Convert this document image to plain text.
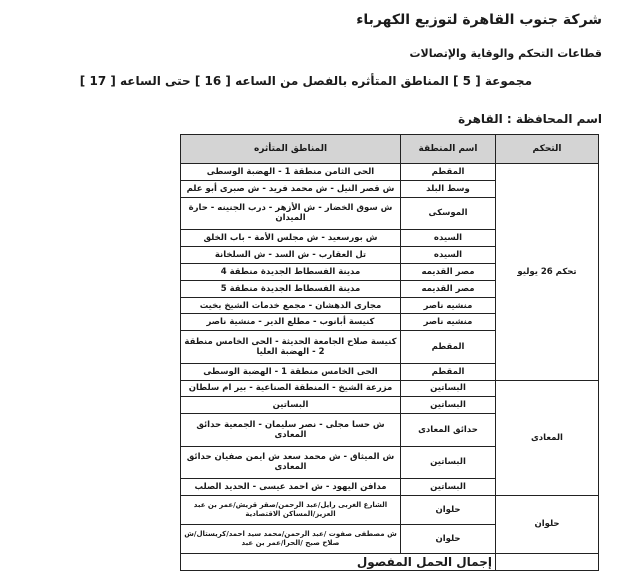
شركة جنوب القاهرة لتوزيع الكهرباء
قطاعات التحكم والوقاية والإتصالات
مجموعة [ 5 ] المناطق المتأثره بالفصل من الساعه [ 16 ] حتى الساعه [ 17 ]
اسم المحافظة : القاهرة
التحكم	اسم المنطقة	المناطق المتأثره
تحكم 26 يوليو	المقطم	الحى الثامن منطقة 1 - الهضبة الوسطى
	وسط البلد	ش قصر النيل - ش محمد فريد - ش صبرى أبو علم
	الموسكى	ش سوق الخضار - ش الأزهر - درب الجنينه - حارة الميدان
	السيده	ش بورسعيد - ش مجلس الأمة - باب الخلق
	السيده	تل العقارب - ش السد - ش السلخانة
	مصر القديمه	مدينة الفسطاط الجديدة منطقة 4
	مصر القديمه	مدينة الفسطاط الجديدة منطقة 5
	منشيه ناصر	مجارى الدهشان - مجمع خدمات الشيخ بخيت
	منشيه ناصر	كنيسة أبانوب - مطلع الدير - منشية ناصر
	المقطم	كنيسة صلاح الجامعة الحديثة - الحى الخامس منطقة 2 - الهضبة العليا
	المقطم	الحى الخامس منطقة 1 - الهضبة الوسطى
المعادى	البساتين	مزرعة الشيخ - المنطقة الصناعية - بير ام سلطان
	البساتين	البساتين
	حدائق المعادى	ش حسا مجلى - نصر سليمان - الجمعية حدائق المعادى
	البساتين	ش الميثاق - ش محمد سعد ش ايمن صفيان حدائق المعادى
	البساتين	مدافن اليهود - ش احمد عيسى - الحديد الصلب
حلوان	حلوان	الشارع الغربى رايل/عبد الرحمن/صقر قريش/عمر بن عبد العزيز/المساكن الاقتصادية
	حلوان	ش مصطفى صفوت /عبد الرحمن/محمد سيد احمد/كريستال/ش صلاح صبح /الحرا/عمر بن عبد
	إجمال الحمل المفصول	
